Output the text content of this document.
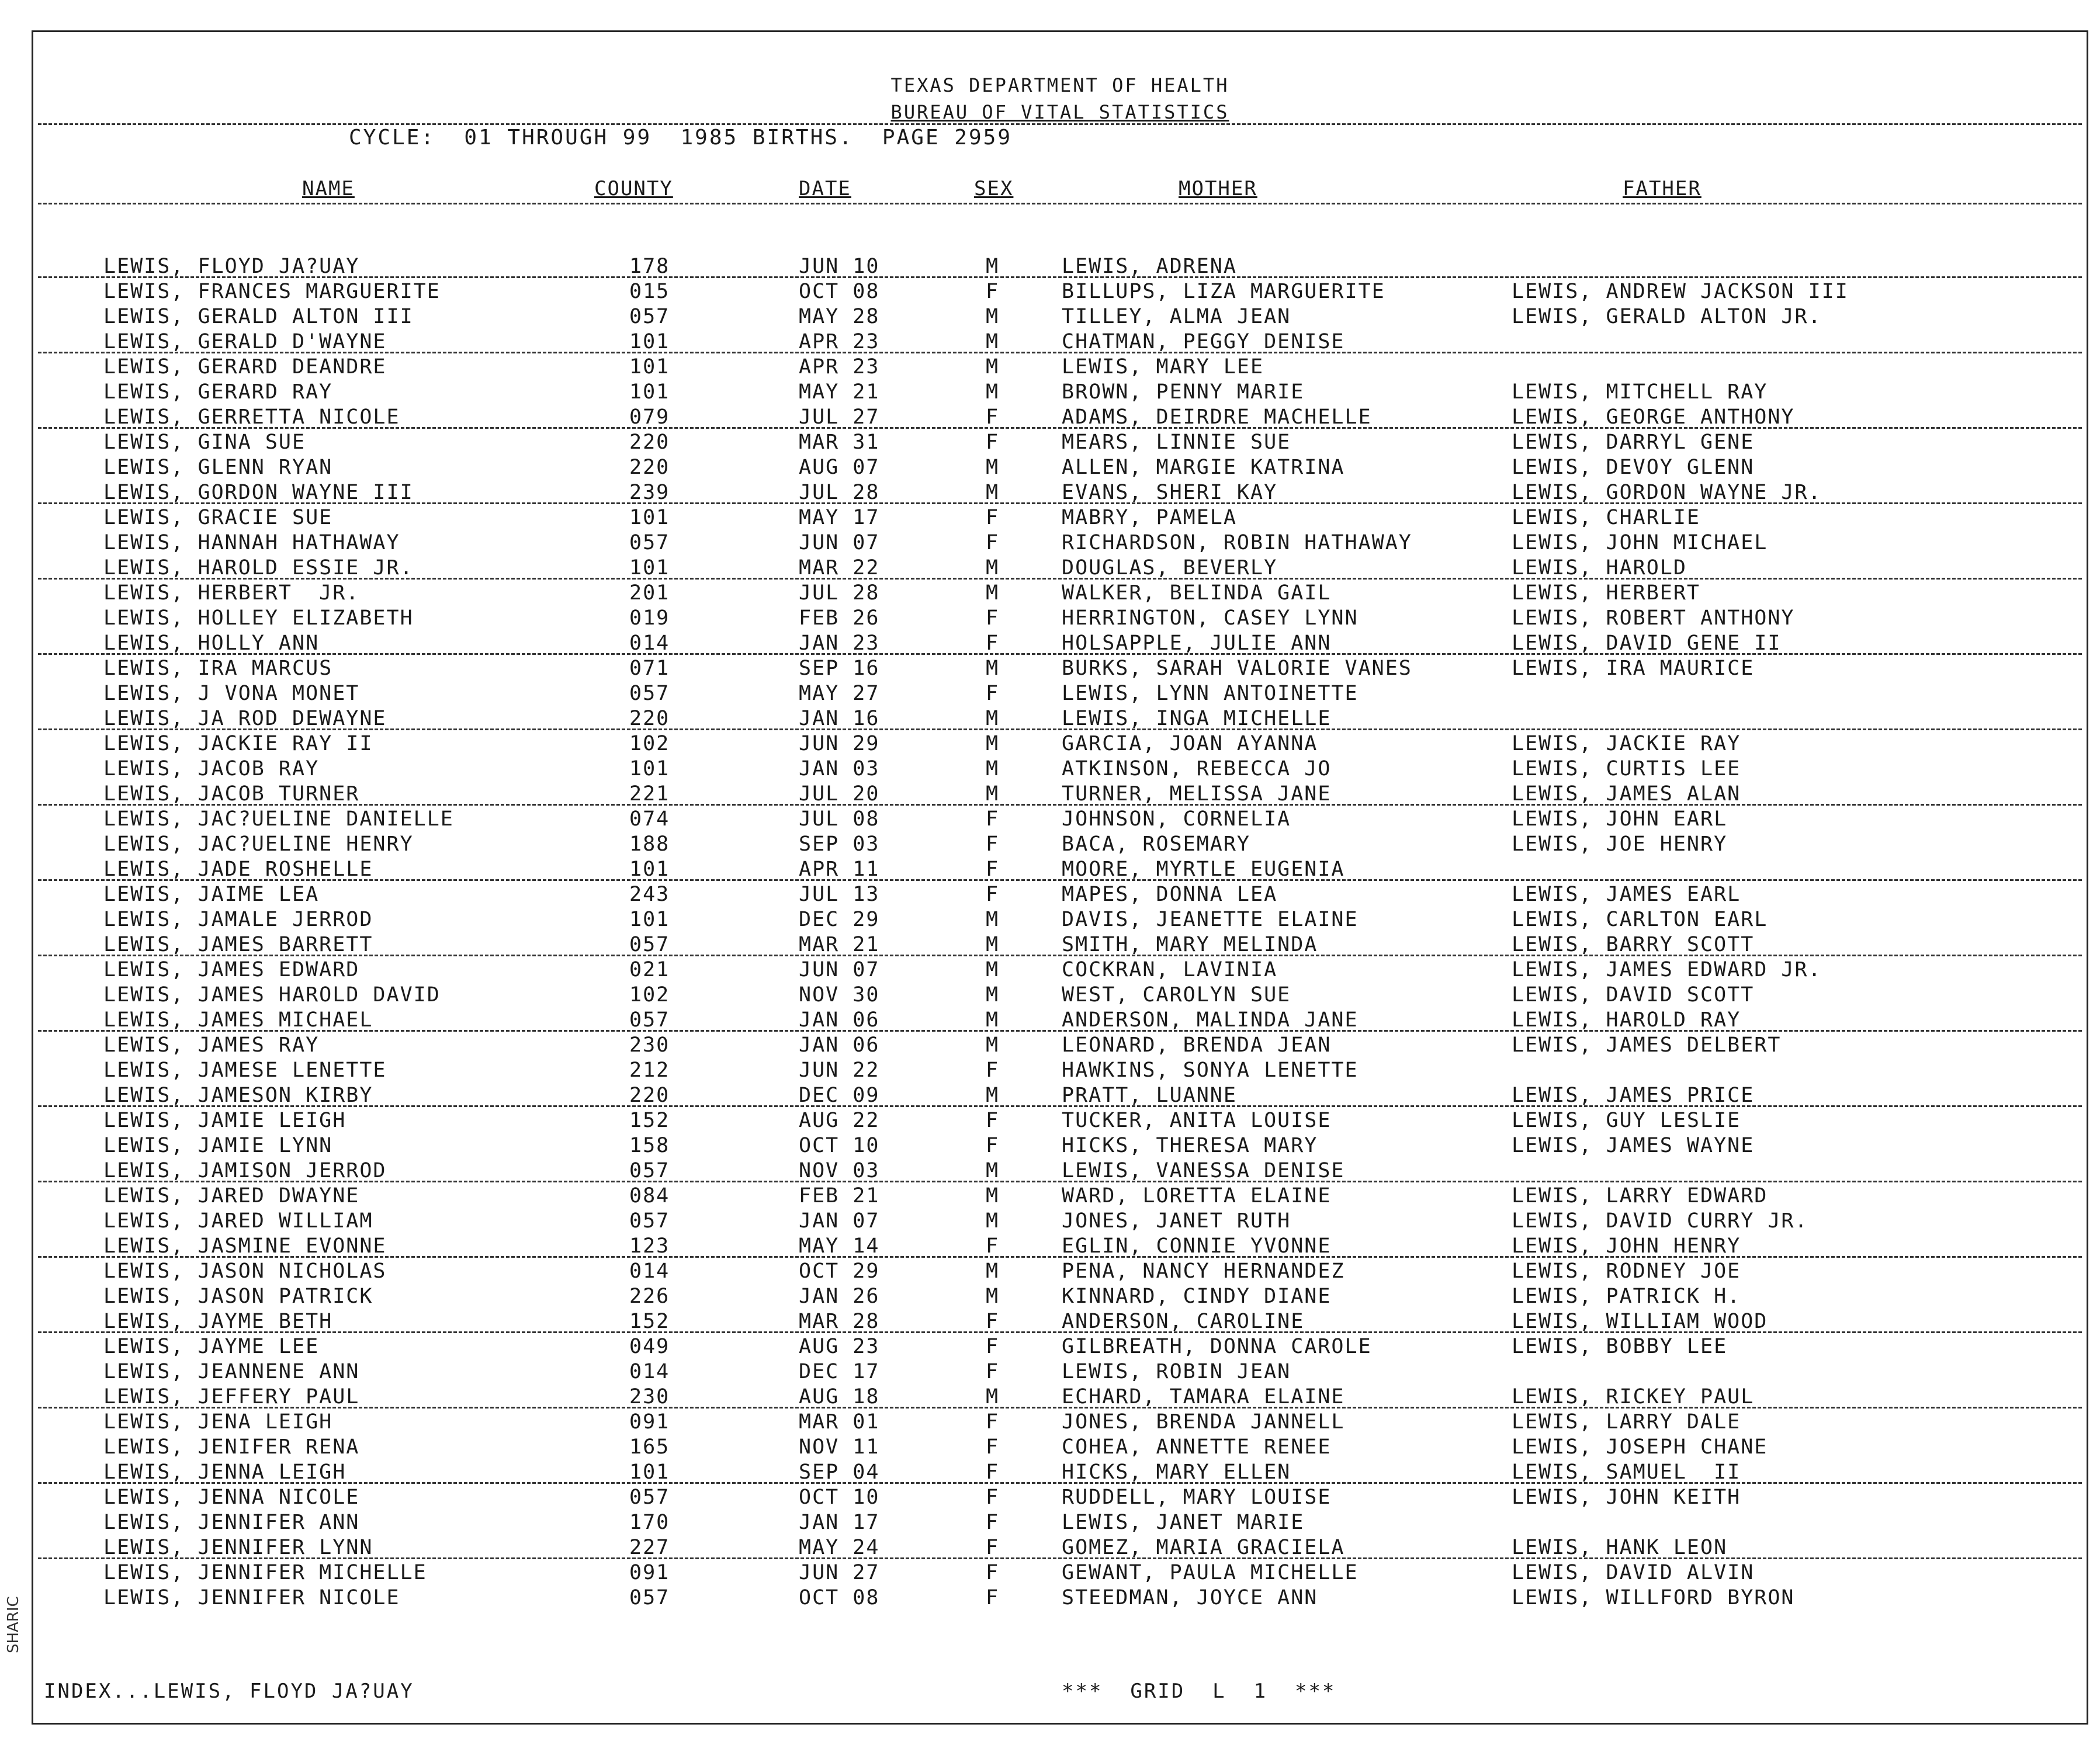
TEXAS DEPARTMENT OF HEALTH
BUREAU OF VITAL STATISTICS
CYCLE:  01 THROUGH 99  1985 BIRTHS.  PAGE 2959
NAME	COUNTY	DATE	SEX	MOTHER	FATHER
LEWIS, FLOYD JA?UAY	178	JUN 10	M	LEWIS, ADRENA
LEWIS, FRANCES MARGUERITE	015	OCT 08	F	BILLUPS, LIZA MARGUERITE	LEWIS, ANDREW JACKSON III
LEWIS, GERALD ALTON III	057	MAY 28	M	TILLEY, ALMA JEAN	LEWIS, GERALD ALTON JR.
LEWIS, GERALD D'WAYNE	101	APR 23	M	CHATMAN, PEGGY DENISE
LEWIS, GERARD DEANDRE	101	APR 23	M	LEWIS, MARY LEE
LEWIS, GERARD RAY	101	MAY 21	M	BROWN, PENNY MARIE	LEWIS, MITCHELL RAY
LEWIS, GERRETTA NICOLE	079	JUL 27	F	ADAMS, DEIRDRE MACHELLE	LEWIS, GEORGE ANTHONY
LEWIS, GINA SUE	220	MAR 31	F	MEARS, LINNIE SUE	LEWIS, DARRYL GENE
LEWIS, GLENN RYAN	220	AUG 07	M	ALLEN, MARGIE KATRINA	LEWIS, DEVOY GLENN
LEWIS, GORDON WAYNE III	239	JUL 28	M	EVANS, SHERI KAY	LEWIS, GORDON WAYNE JR.
LEWIS, GRACIE SUE	101	MAY 17	F	MABRY, PAMELA	LEWIS, CHARLIE
LEWIS, HANNAH HATHAWAY	057	JUN 07	F	RICHARDSON, ROBIN HATHAWAY	LEWIS, JOHN MICHAEL
LEWIS, HAROLD ESSIE JR.	101	MAR 22	M	DOUGLAS, BEVERLY	LEWIS, HAROLD
LEWIS, HERBERT  JR.	201	JUL 28	M	WALKER, BELINDA GAIL	LEWIS, HERBERT
LEWIS, HOLLEY ELIZABETH	019	FEB 26	F	HERRINGTON, CASEY LYNN	LEWIS, ROBERT ANTHONY
LEWIS, HOLLY ANN	014	JAN 23	F	HOLSAPPLE, JULIE ANN	LEWIS, DAVID GENE II
LEWIS, IRA MARCUS	071	SEP 16	M	BURKS, SARAH VALORIE VANES	LEWIS, IRA MAURICE
LEWIS, J VONA MONET	057	MAY 27	F	LEWIS, LYNN ANTOINETTE
LEWIS, JA ROD DEWAYNE	220	JAN 16	M	LEWIS, INGA MICHELLE
LEWIS, JACKIE RAY II	102	JUN 29	M	GARCIA, JOAN AYANNA	LEWIS, JACKIE RAY
LEWIS, JACOB RAY	101	JAN 03	M	ATKINSON, REBECCA JO	LEWIS, CURTIS LEE
LEWIS, JACOB TURNER	221	JUL 20	M	TURNER, MELISSA JANE	LEWIS, JAMES ALAN
LEWIS, JAC?UELINE DANIELLE	074	JUL 08	F	JOHNSON, CORNELIA	LEWIS, JOHN EARL
LEWIS, JAC?UELINE HENRY	188	SEP 03	F	BACA, ROSEMARY	LEWIS, JOE HENRY
LEWIS, JADE ROSHELLE	101	APR 11	F	MOORE, MYRTLE EUGENIA
LEWIS, JAIME LEA	243	JUL 13	F	MAPES, DONNA LEA	LEWIS, JAMES EARL
LEWIS, JAMALE JERROD	101	DEC 29	M	DAVIS, JEANETTE ELAINE	LEWIS, CARLTON EARL
LEWIS, JAMES BARRETT	057	MAR 21	M	SMITH, MARY MELINDA	LEWIS, BARRY SCOTT
LEWIS, JAMES EDWARD	021	JUN 07	M	COCKRAN, LAVINIA	LEWIS, JAMES EDWARD JR.
LEWIS, JAMES HAROLD DAVID	102	NOV 30	M	WEST, CAROLYN SUE	LEWIS, DAVID SCOTT
LEWIS, JAMES MICHAEL	057	JAN 06	M	ANDERSON, MALINDA JANE	LEWIS, HAROLD RAY
LEWIS, JAMES RAY	230	JAN 06	M	LEONARD, BRENDA JEAN	LEWIS, JAMES DELBERT
LEWIS, JAMESE LENETTE	212	JUN 22	F	HAWKINS, SONYA LENETTE
LEWIS, JAMESON KIRBY	220	DEC 09	M	PRATT, LUANNE	LEWIS, JAMES PRICE
LEWIS, JAMIE LEIGH	152	AUG 22	F	TUCKER, ANITA LOUISE	LEWIS, GUY LESLIE
LEWIS, JAMIE LYNN	158	OCT 10	F	HICKS, THERESA MARY	LEWIS, JAMES WAYNE
LEWIS, JAMISON JERROD	057	NOV 03	M	LEWIS, VANESSA DENISE
LEWIS, JARED DWAYNE	084	FEB 21	M	WARD, LORETTA ELAINE	LEWIS, LARRY EDWARD
LEWIS, JARED WILLIAM	057	JAN 07	M	JONES, JANET RUTH	LEWIS, DAVID CURRY JR.
LEWIS, JASMINE EVONNE	123	MAY 14	F	EGLIN, CONNIE YVONNE	LEWIS, JOHN HENRY
LEWIS, JASON NICHOLAS	014	OCT 29	M	PENA, NANCY HERNANDEZ	LEWIS, RODNEY JOE
LEWIS, JASON PATRICK	226	JAN 26	M	KINNARD, CINDY DIANE	LEWIS, PATRICK H.
LEWIS, JAYME BETH	152	MAR 28	F	ANDERSON, CAROLINE	LEWIS, WILLIAM WOOD
LEWIS, JAYME LEE	049	AUG 23	F	GILBREATH, DONNA CAROLE	LEWIS, BOBBY LEE
LEWIS, JEANNENE ANN	014	DEC 17	F	LEWIS, ROBIN JEAN
LEWIS, JEFFERY PAUL	230	AUG 18	M	ECHARD, TAMARA ELAINE	LEWIS, RICKEY PAUL
LEWIS, JENA LEIGH	091	MAR 01	F	JONES, BRENDA JANNELL	LEWIS, LARRY DALE
LEWIS, JENIFER RENA	165	NOV 11	F	COHEA, ANNETTE RENEE	LEWIS, JOSEPH CHANE
LEWIS, JENNA LEIGH	101	SEP 04	F	HICKS, MARY ELLEN	LEWIS, SAMUEL  II
LEWIS, JENNA NICOLE	057	OCT 10	F	RUDDELL, MARY LOUISE	LEWIS, JOHN KEITH
LEWIS, JENNIFER ANN	170	JAN 17	F	LEWIS, JANET MARIE
LEWIS, JENNIFER LYNN	227	MAY 24	F	GOMEZ, MARIA GRACIELA	LEWIS, HANK LEON
LEWIS, JENNIFER MICHELLE	091	JUN 27	F	GEWANT, PAULA MICHELLE	LEWIS, DAVID ALVIN
LEWIS, JENNIFER NICOLE	057	OCT 08	F	STEEDMAN, JOYCE ANN	LEWIS, WILLFORD BYRON
INDEX...LEWIS, FLOYD JA?UAY	***  GRID  L  1  ***
SHARIC
